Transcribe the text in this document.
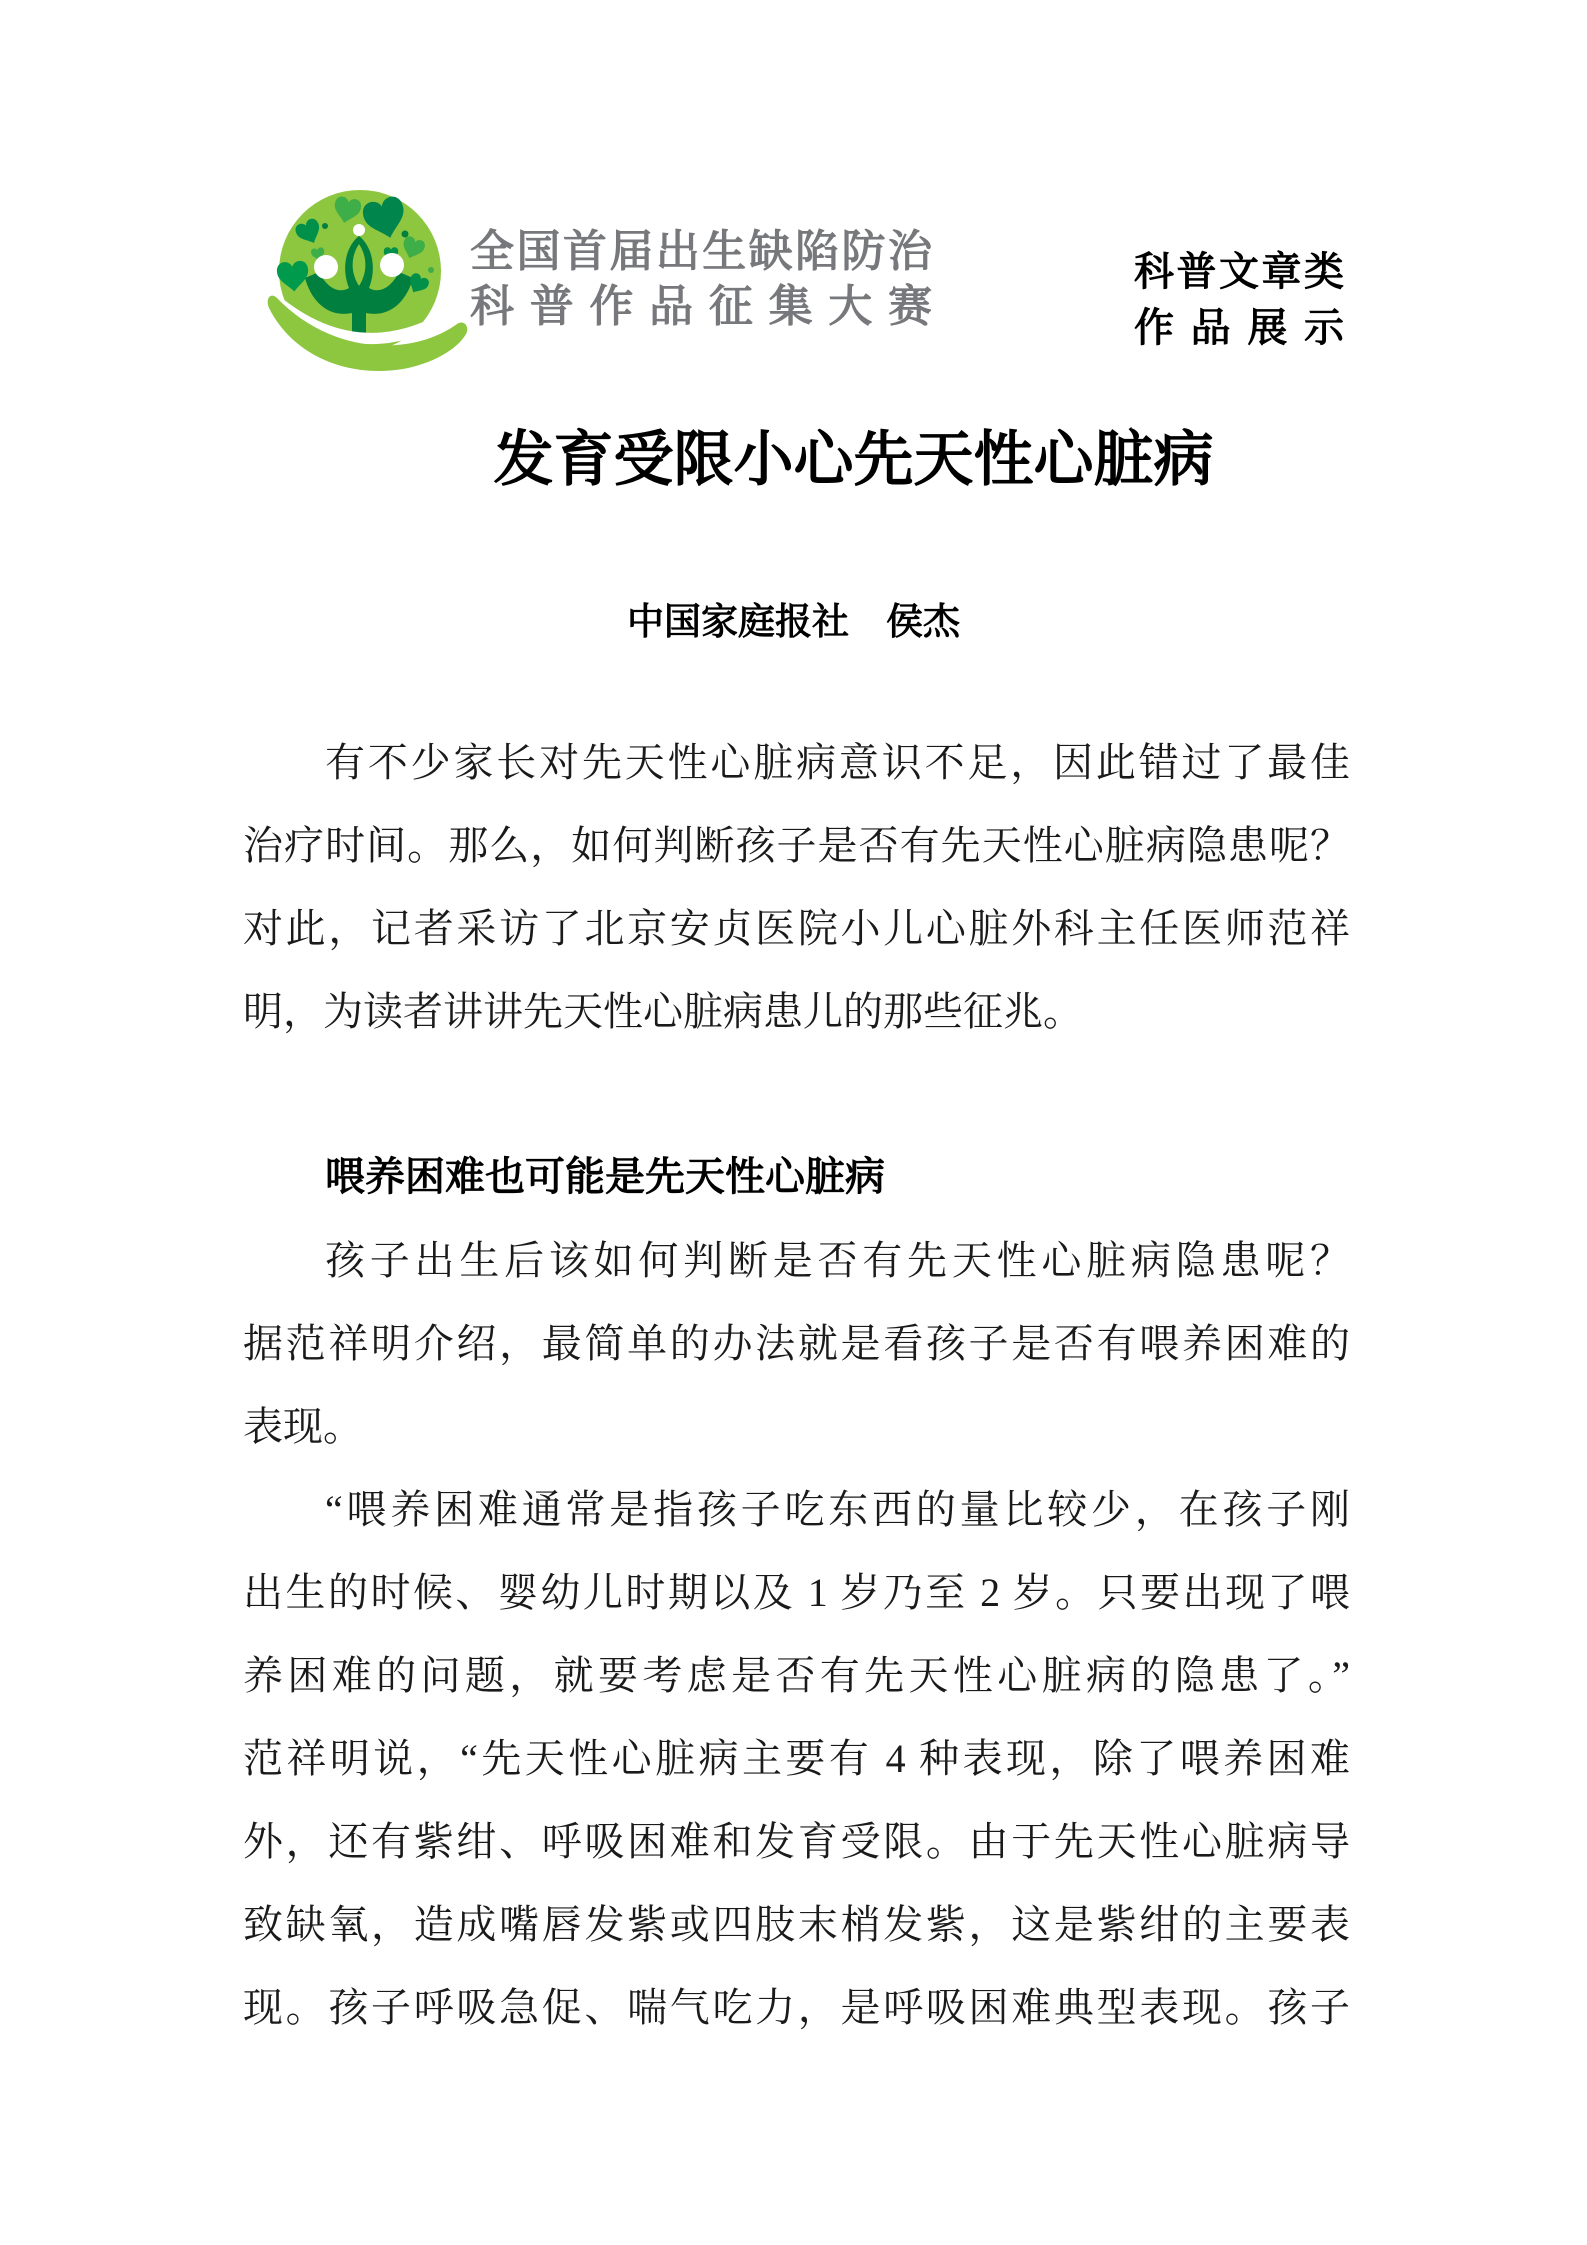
全国首届出生缺陷防治
科普作品征集大赛
科普文章类
作品展示
发育受限小心先天性心脏病
中国家庭报社　侯杰
有不少家长对先天性心脏病意识不足，因此错过了最佳
治疗时间。那么，如何判断孩子是否有先天性心脏病隐患呢？
对此，记者采访了北京安贞医院小儿心脏外科主任医师范祥
明，为读者讲讲先天性心脏病患儿的那些征兆。
喂养困难也可能是先天性心脏病
孩子出生后该如何判断是否有先天性心脏病隐患呢？
据范祥明介绍，最简单的办法就是看孩子是否有喂养困难的
表现。
“喂养困难通常是指孩子吃东西的量比较少，在孩子刚
出生的时候、婴幼儿时期以及 1 岁乃至 2 岁。只要出现了喂
养困难的问题，就要考虑是否有先天性心脏病的隐患了。”
范祥明说，“先天性心脏病主要有 4 种表现，除了喂养困难
外，还有紫绀、呼吸困难和发育受限。由于先天性心脏病导
致缺氧，造成嘴唇发紫或四肢末梢发紫，这是紫绀的主要表
现。孩子呼吸急促、喘气吃力，是呼吸困难典型表现。孩子
